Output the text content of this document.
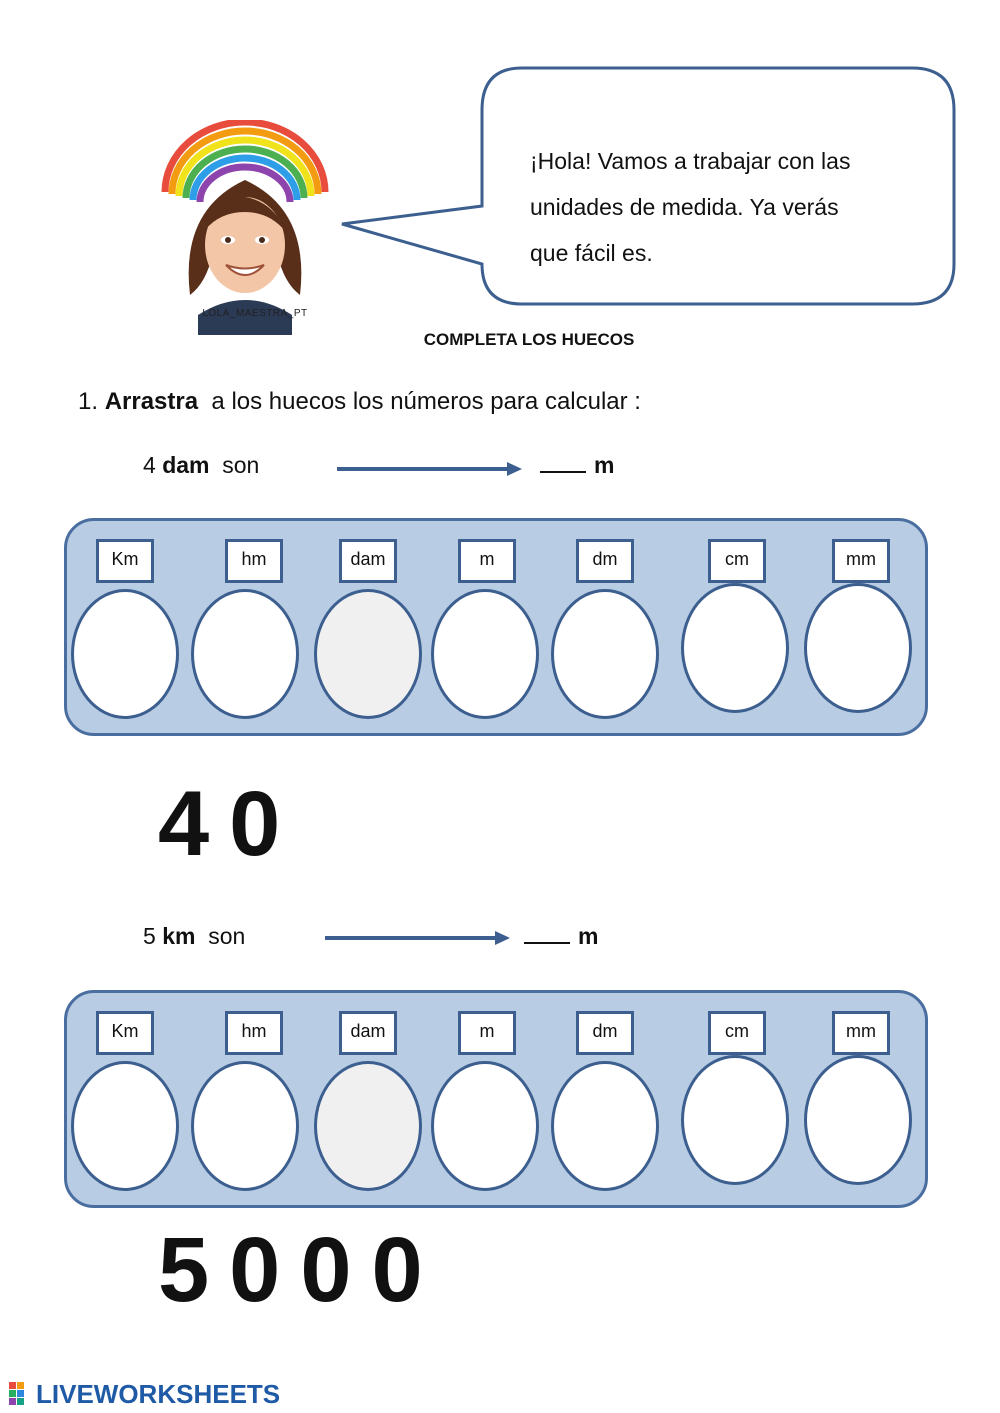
LOLA_MAESTRA_PT
¡Hola! Vamos a trabajar con las
unidades de medida. Ya verás
que fácil es.
COMPLETA LOS HUECOS
1. Arrastra a los huecos los números para calcular :
4 dam son	m
Km	hm	dam	m	dm	cm	mm
4 0
5 km son	m
Km	hm	dam	m	dm	cm	mm
5 0 0 0
LIVEWORKSHEETS
